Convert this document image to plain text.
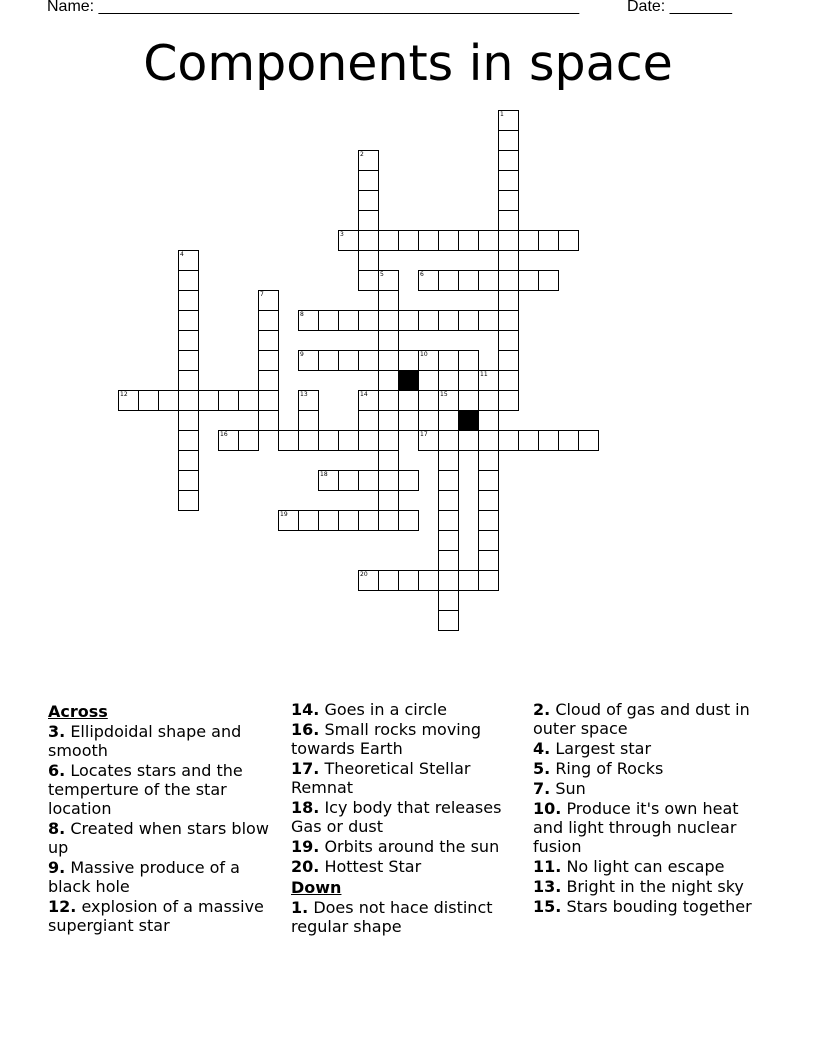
Name: ______________________________________________________	Date: _______
Components in space
1
2
3
4
5	6
7
8
9	10
11
12	13	14	15
16	17
18
19
20
Across
3. Ellipdoidal shape and smooth
6. Locates stars and the temperture of the star location
8. Created when stars blow up
9. Massive produce of a black hole
12. explosion of a massive supergiant star
14. Goes in a circle
16. Small rocks moving towards Earth
17. Theoretical Stellar Remnat
18. Icy body that releases Gas or dust
19. Orbits around the sun
20. Hottest Star
Down
1. Does not hace distinct regular shape
2. Cloud of gas and dust in outer space
4. Largest star
5. Ring of Rocks
7. Sun
10. Produce it's own heat and light through nuclear fusion
11. No light can escape
13. Bright in the night sky
15. Stars bouding together
